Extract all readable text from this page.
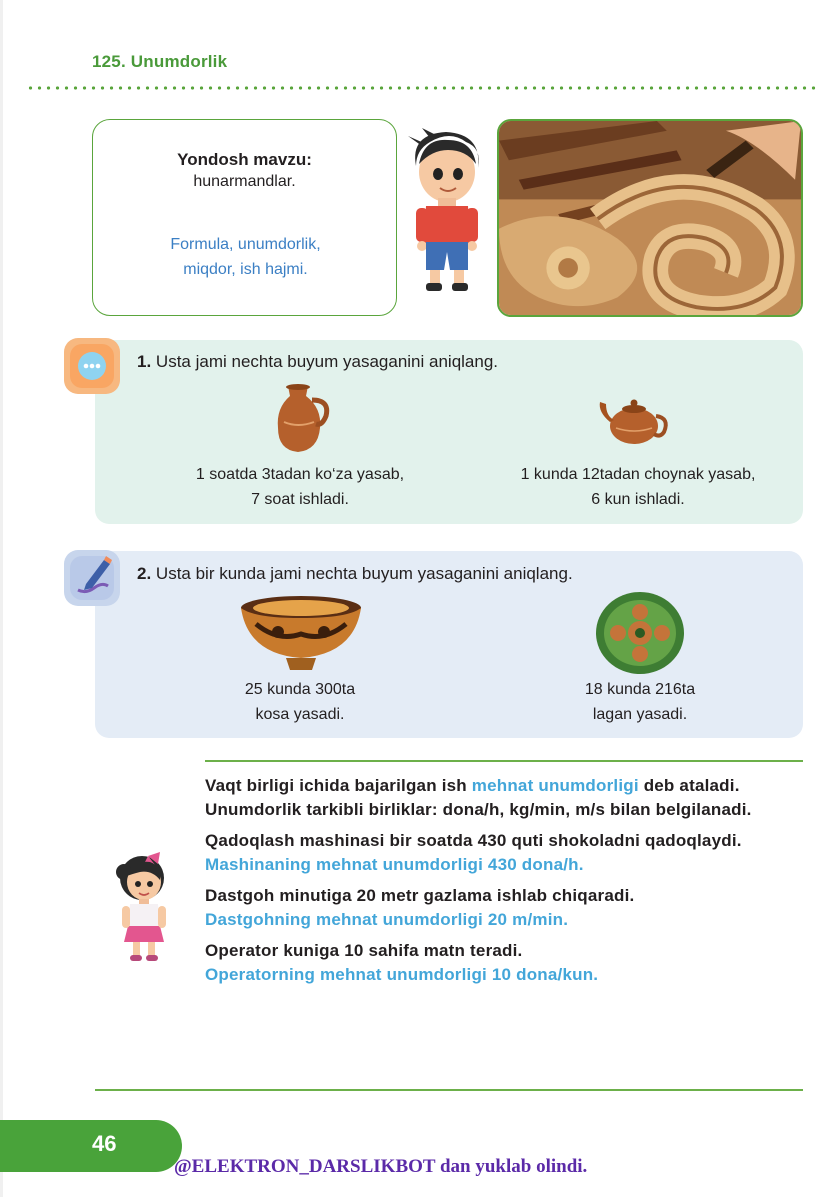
125. Unumdorlik
Yondosh mavzu:
hunarmandlar.
Formula, unumdorlik,
miqdor, ish hajmi.
1. Usta jami nechta buyum yasaganini aniqlang.
1 soatda 3tadan ko‘za yasab,
7 soat ishladi.
1 kunda 12tadan choynak yasab,
6 kun ishladi.
2. Usta bir kunda jami nechta buyum yasaganini aniqlang.
25 kunda 300ta
kosa yasadi.
18 kunda 216ta
lagan yasadi.

Vaqt birligi ichida bajarilgan ish mehnat unumdorligi deb ataladi.

Unumdorlik tarkibli birliklar: dona/h, kg/min, m/s bilan belgilanadi.

Qadoqlash mashinasi bir soatda 430 quti shokoladni qadoqlaydi.

Mashinaning mehnat unumdorligi 430 dona/h.

Dastgoh minutiga 20 metr gazlama ishlab chiqaradi.

Dastgohning mehnat unumdorligi 20 m/min.

Operator kuniga 10 sahifa matn teradi.

Operatorning mehnat unumdorligi 10 dona/kun.

46
@ELEKTRON_DARSLIKBOT dan yuklab olindi.
